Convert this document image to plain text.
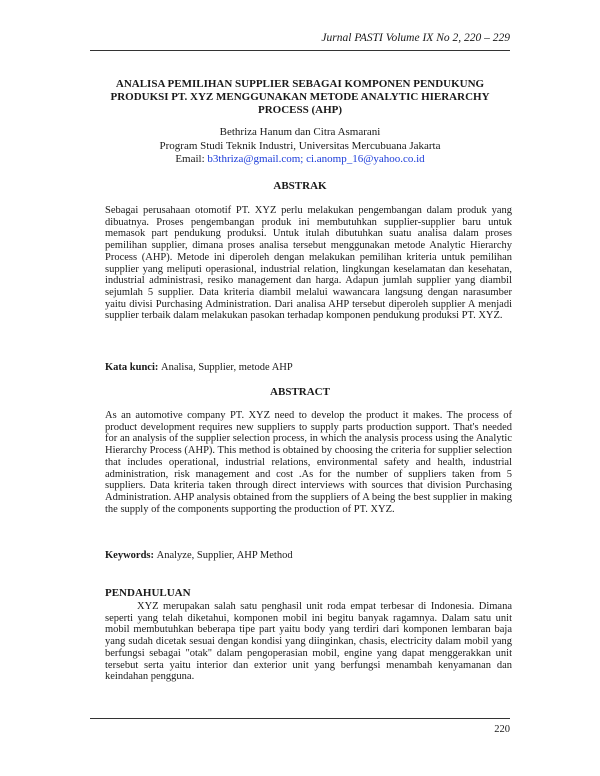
Jurnal PASTI Volume IX No 2, 220 – 229
ANALISA PEMILIHAN SUPPLIER SEBAGAI KOMPONEN PENDUKUNG PRODUKSI PT. XYZ MENGGUNAKAN METODE ANALYTIC HIERARCHY PROCESS (AHP)
Bethriza Hanum dan Citra Asmarani
Program Studi Teknik Industri, Universitas Mercubuana Jakarta
Email: b3thriza@gmail.com; ci.anomp_16@yahoo.co.id
ABSTRAK
Sebagai perusahaan otomotif PT. XYZ perlu melakukan pengembangan dalam produk yang dibuatnya. Proses pengembangan produk ini membutuhkan supplier-supplier baru untuk memasok part pendukung produksi. Untuk itulah dibutuhkan suatu analisa dalam proses pemilihan supplier, dimana proses analisa tersebut menggunakan metode Analytic Hierarchy Process (AHP). Metode ini diperoleh dengan melakukan pemilihan kriteria untuk pemilihan supplier yang meliputi operasional, industrial relation, lingkungan keselamatan dan kesehatan, industrial administrasi, resiko management dan harga. Adapun jumlah supplier yang diambil sejumlah 5 supplier. Data kriteria diambil melalui wawancara langsung dengan narasumber yaitu divisi Purchasing Administration. Dari analisa AHP tersebut diperoleh supplier A menjadi supplier terbaik dalam melakukan pasokan terhadap komponen pendukung produksi PT. XYZ.
Kata kunci: Analisa, Supplier, metode AHP
ABSTRACT
As an automotive company PT. XYZ need to develop the product it makes. The process of product development requires new suppliers to supply parts production support. That's needed for an analysis of the supplier selection process, in which the analysis process using the Analytic Hierarchy Process (AHP). This method is obtained by choosing the criteria for supplier selection that includes operational, industrial relations, environmental safety and health, industrial administration, risk management and cost .As for the number of suppliers taken from 5 suppliers. Data kriteria taken through direct interviews with sources that division Purchasing Administration. AHP analysis obtained from the suppliers of A being the best supplier in making the supply of the components supporting the production of PT. XYZ.
Keywords: Analyze, Supplier, AHP Method
PENDAHULUAN
XYZ merupakan salah satu penghasil unit roda empat terbesar di Indonesia. Dimana seperti yang telah diketahui, komponen mobil ini begitu banyak ragamnya. Dalam satu unit mobil membutuhkan beberapa tipe part yaitu body yang terdiri dari komponen lembaran baja yang sudah dicetak sesuai dengan kondisi yang diinginkan, chasis, electricity dalam mobil yang berfungsi sebagai "otak" dalam pengoperasian mobil, engine yang dapat menggerakkan unit tersebut serta yaitu interior dan exterior unit yang berfungsi menambah kenyamanan dan keindahan pengguna.
220
